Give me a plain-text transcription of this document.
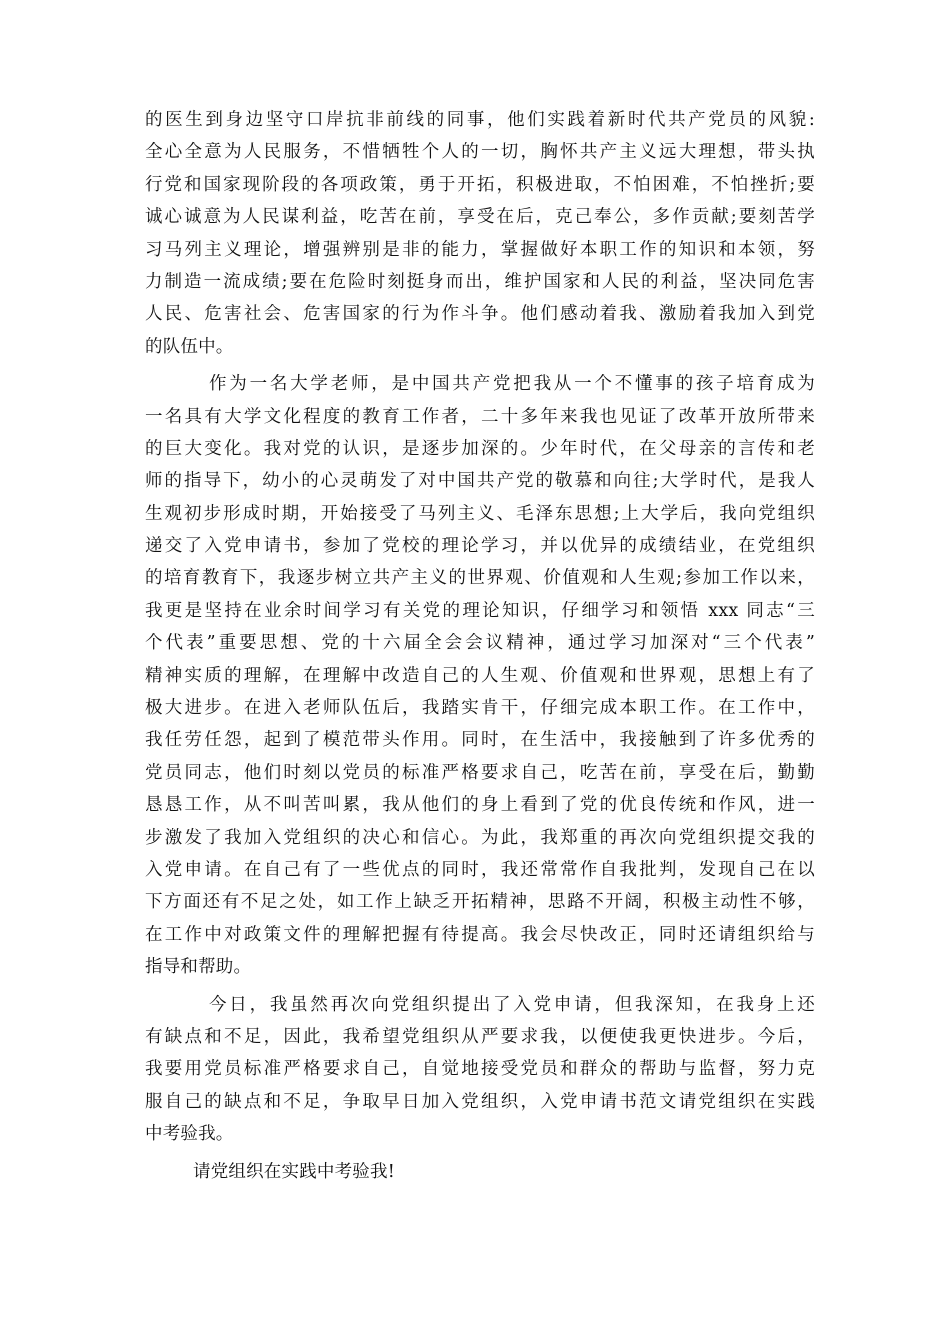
的医生到身边坚守口岸抗非前线的同事，他们实践着新时代共产党员的风貌:
全心全意为人民服务，不惜牺牲个人的一切，胸怀共产主义远大理想，带头执
行党和国家现阶段的各项政策，勇于开拓，积极进取，不怕困难，不怕挫折;要
诚心诚意为人民谋利益，吃苦在前，享受在后，克己奉公，多作贡献;要刻苦学
习马列主义理论，增强辨别是非的能力，掌握做好本职工作的知识和本领，努
力制造一流成绩;要在危险时刻挺身而出，维护国家和人民的利益，坚决同危害
人民、危害社会、危害国家的行为作斗争。他们感动着我、激励着我加入到党
的队伍中。
作为一名大学老师，是中国共产党把我从一个不懂事的孩子培育成为
一名具有大学文化程度的教育工作者，二十多年来我也见证了改革开放所带来
的巨大变化。我对党的认识，是逐步加深的。少年时代，在父母亲的言传和老
师的指导下，幼小的心灵萌发了对中国共产党的敬慕和向往;大学时代，是我人
生观初步形成时期，开始接受了马列主义、毛泽东思想;上大学后，我向党组织
递交了入党申请书，参加了党校的理论学习，并以优异的成绩结业，在党组织
的培育教育下，我逐步树立共产主义的世界观、价值观和人生观;参加工作以来，
我更是坚持在业余时间学习有关党的理论知识，仔细学习和领悟 xxx 同志“三
个代表”重要思想、党的十六届全会会议精神，通过学习加深对“三个代表”
精神实质的理解，在理解中改造自己的人生观、价值观和世界观，思想上有了
极大进步。在进入老师队伍后，我踏实肯干，仔细完成本职工作。在工作中，
我任劳任怨，起到了模范带头作用。同时，在生活中，我接触到了许多优秀的
党员同志，他们时刻以党员的标准严格要求自己，吃苦在前，享受在后，勤勤
恳恳工作，从不叫苦叫累，我从他们的身上看到了党的优良传统和作风，进一
步激发了我加入党组织的决心和信心。为此，我郑重的再次向党组织提交我的
入党申请。在自己有了一些优点的同时，我还常常作自我批判，发现自己在以
下方面还有不足之处，如工作上缺乏开拓精神，思路不开阔，积极主动性不够，
在工作中对政策文件的理解把握有待提高。我会尽快改正，同时还请组织给与
指导和帮助。
今日，我虽然再次向党组织提出了入党申请，但我深知，在我身上还
有缺点和不足，因此，我希望党组织从严要求我，以便使我更快进步。今后，
我要用党员标准严格要求自己，自觉地接受党员和群众的帮助与监督，努力克
服自己的缺点和不足，争取早日加入党组织，入党申请书范文请党组织在实践
中考验我。
请党组织在实践中考验我!
